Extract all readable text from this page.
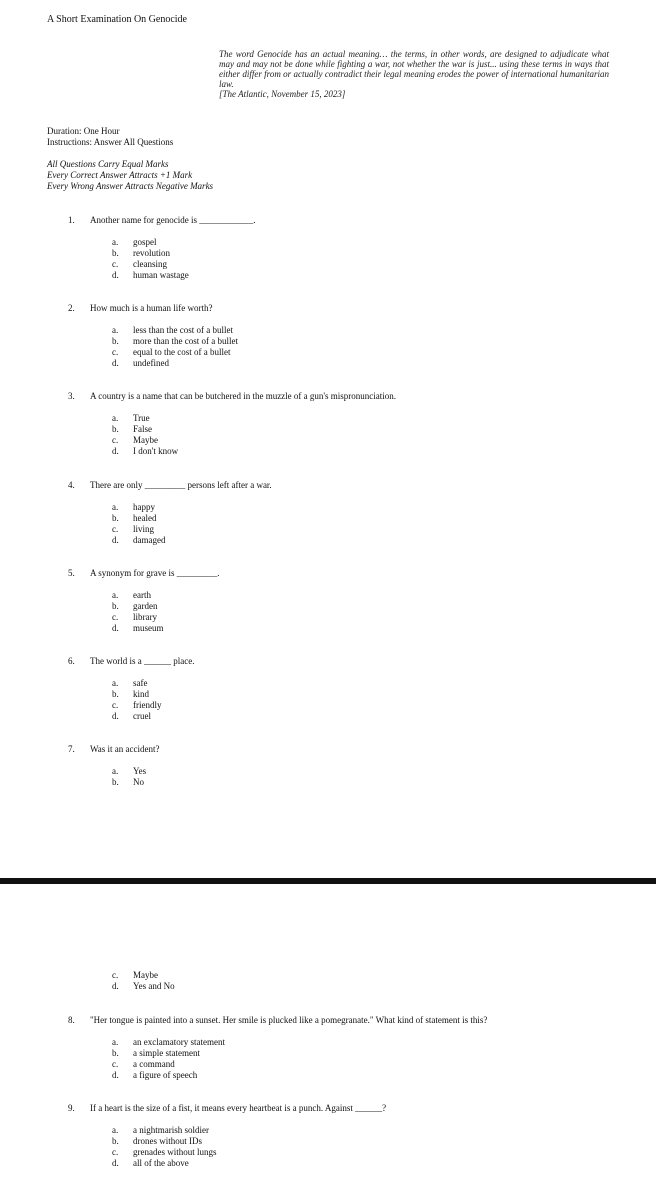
A Short Examination On Genocide
The word Genocide has an actual meaning… the terms, in other words, are designed to adjudicate what may and may not be done while fighting a war, not whether the war is just... using these terms in ways that either differ from or actually contradict their legal meaning erodes the power of international humanitarian law.
[The Atlantic, November 15, 2023]
Duration: One Hour
Instructions: Answer All Questions
All Questions Carry Equal Marks
Every Correct Answer Attracts +1 Mark
Every Wrong Answer Attracts Negative Marks
1. Another name for genocide is ____________.
a. gospel
b. revolution
c. cleansing
d. human wastage
2. How much is a human life worth?
a. less than the cost of a bullet
b. more than the cost of a bullet
c. equal to the cost of a bullet
d. undefined
3. A country is a name that can be butchered in the muzzle of a gun's mispronunciation.
a. True
b. False
c. Maybe
d. I don't know
4. There are only _________ persons left after a war.
a. happy
b. healed
c. living
d. damaged
5. A synonym for grave is _________.
a. earth
b. garden
c. library
d. museum
6. The world is a ______ place.
a. safe
b. kind
c. friendly
d. cruel
7. Was it an accident?
a. Yes
b. No
c. Maybe
d. Yes and No
8. "Her tongue is painted into a sunset. Her smile is plucked like a pomegranate." What kind of statement is this?
a. an exclamatory statement
b. a simple statement
c. a command
d. a figure of speech
9. If a heart is the size of a fist, it means every heartbeat is a punch. Against ______?
a. a nightmarish soldier
b. drones without IDs
c. grenades without lungs
d. all of the above
